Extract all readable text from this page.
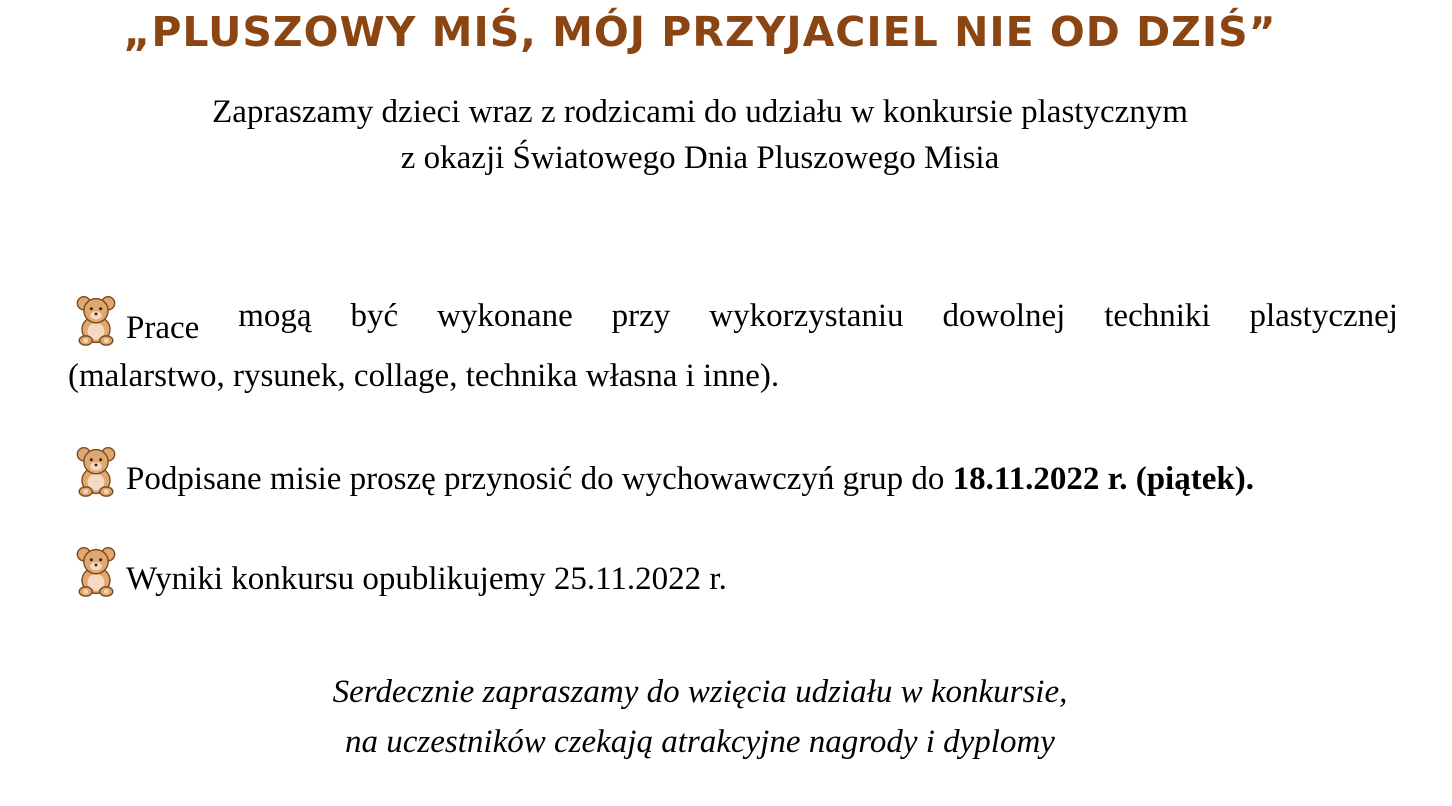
„PLUSZOWY MIŚ, MÓJ PRZYJACIEL NIE OD DZIŚ”
Zapraszamy dzieci wraz z rodzicami do udziału w konkursie plastycznym
z okazji Światowego Dnia Pluszowego Misia
Prace mogą być wykonane przy wykorzystaniu dowolnej techniki plastycznej
(malarstwo, rysunek, collage, technika własna i inne).
Podpisane misie proszę przynosić do wychowawczyń grup do 18.11.2022 r. (piątek).
Wyniki konkursu opublikujemy 25.11.2022 r.
Serdecznie zapraszamy do wzięcia udziału w konkursie,
na uczestników czekają atrakcyjne nagrody i dyplomy
